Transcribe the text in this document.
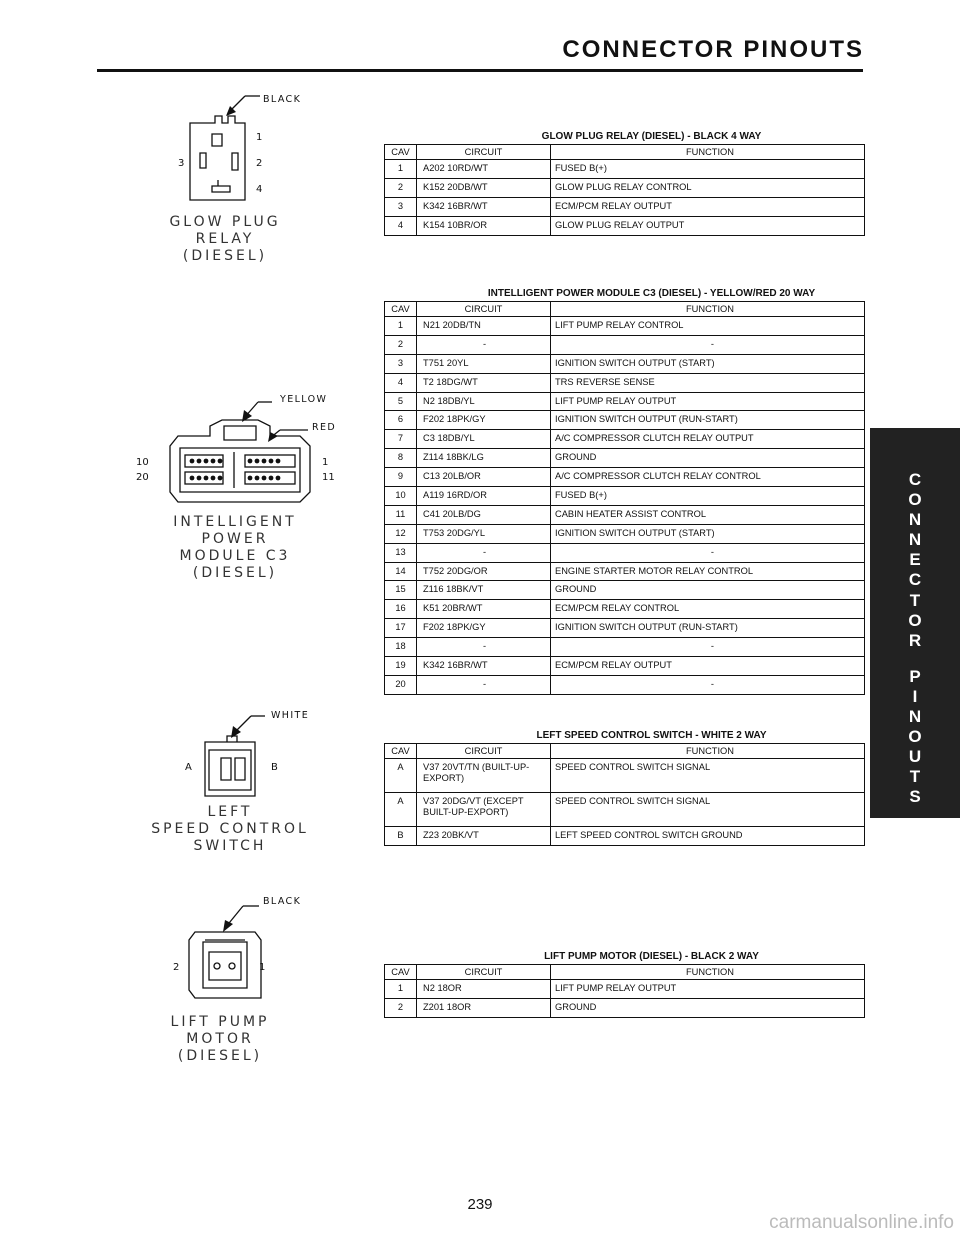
CONNECTOR PINOUTS
C
O
N
N
E
C
T
O
R
P
I
N
O
U
T
S
BLACK
1
2
3
4
GLOW PLUG
RELAY
(DIESEL)
YELLOW
RED
10
20
1
11
INTELLIGENT
POWER
MODULE C3
(DIESEL)
WHITE
A	B
LEFT
SPEED CONTROL
SWITCH
BLACK
2	1
LIFT PUMP
MOTOR
(DIESEL)
GLOW PLUG RELAY (DIESEL) - BLACK 4 WAY
CAV	CIRCUIT	FUNCTION
1	A202 10RD/WT	FUSED B(+)
2	K152 20DB/WT	GLOW PLUG RELAY CONTROL
3	K342 16BR/WT	ECM/PCM RELAY OUTPUT
4	K154 10BR/OR	GLOW PLUG RELAY OUTPUT
INTELLIGENT POWER MODULE C3 (DIESEL) - YELLOW/RED 20 WAY
CAV	CIRCUIT	FUNCTION
1	N21 20DB/TN	LIFT PUMP RELAY CONTROL
2	-	-
3	T751 20YL	IGNITION SWITCH OUTPUT (START)
4	T2 18DG/WT	TRS REVERSE SENSE
5	N2 18DB/YL	LIFT PUMP RELAY OUTPUT
6	F202 18PK/GY	IGNITION SWITCH OUTPUT (RUN-START)
7	C3 18DB/YL	A/C COMPRESSOR CLUTCH RELAY OUTPUT
8	Z114 18BK/LG	GROUND
9	C13 20LB/OR	A/C COMPRESSOR CLUTCH RELAY CONTROL
10	A119 16RD/OR	FUSED B(+)
11	C41 20LB/DG	CABIN HEATER ASSIST CONTROL
12	T753 20DG/YL	IGNITION SWITCH OUTPUT (START)
13	-	-
14	T752 20DG/OR	ENGINE STARTER MOTOR RELAY CONTROL
15	Z116 18BK/VT	GROUND
16	K51 20BR/WT	ECM/PCM RELAY CONTROL
17	F202 18PK/GY	IGNITION SWITCH OUTPUT (RUN-START)
18	-	-
19	K342 16BR/WT	ECM/PCM RELAY OUTPUT
20	-	-
LEFT SPEED CONTROL SWITCH - WHITE 2 WAY
CAV	CIRCUIT	FUNCTION
A	V37 20VT/TN (BUILT-UP-EXPORT)	SPEED CONTROL SWITCH SIGNAL
A	V37 20DG/VT (EXCEPT BUILT-UP-EXPORT)	SPEED CONTROL SWITCH SIGNAL
B	Z23 20BK/VT	LEFT SPEED CONTROL SWITCH GROUND
LIFT PUMP MOTOR (DIESEL) - BLACK 2 WAY
CAV	CIRCUIT	FUNCTION
1	N2 18OR	LIFT PUMP RELAY OUTPUT
2	Z201 18OR	GROUND
239
carmanualsonline.info
